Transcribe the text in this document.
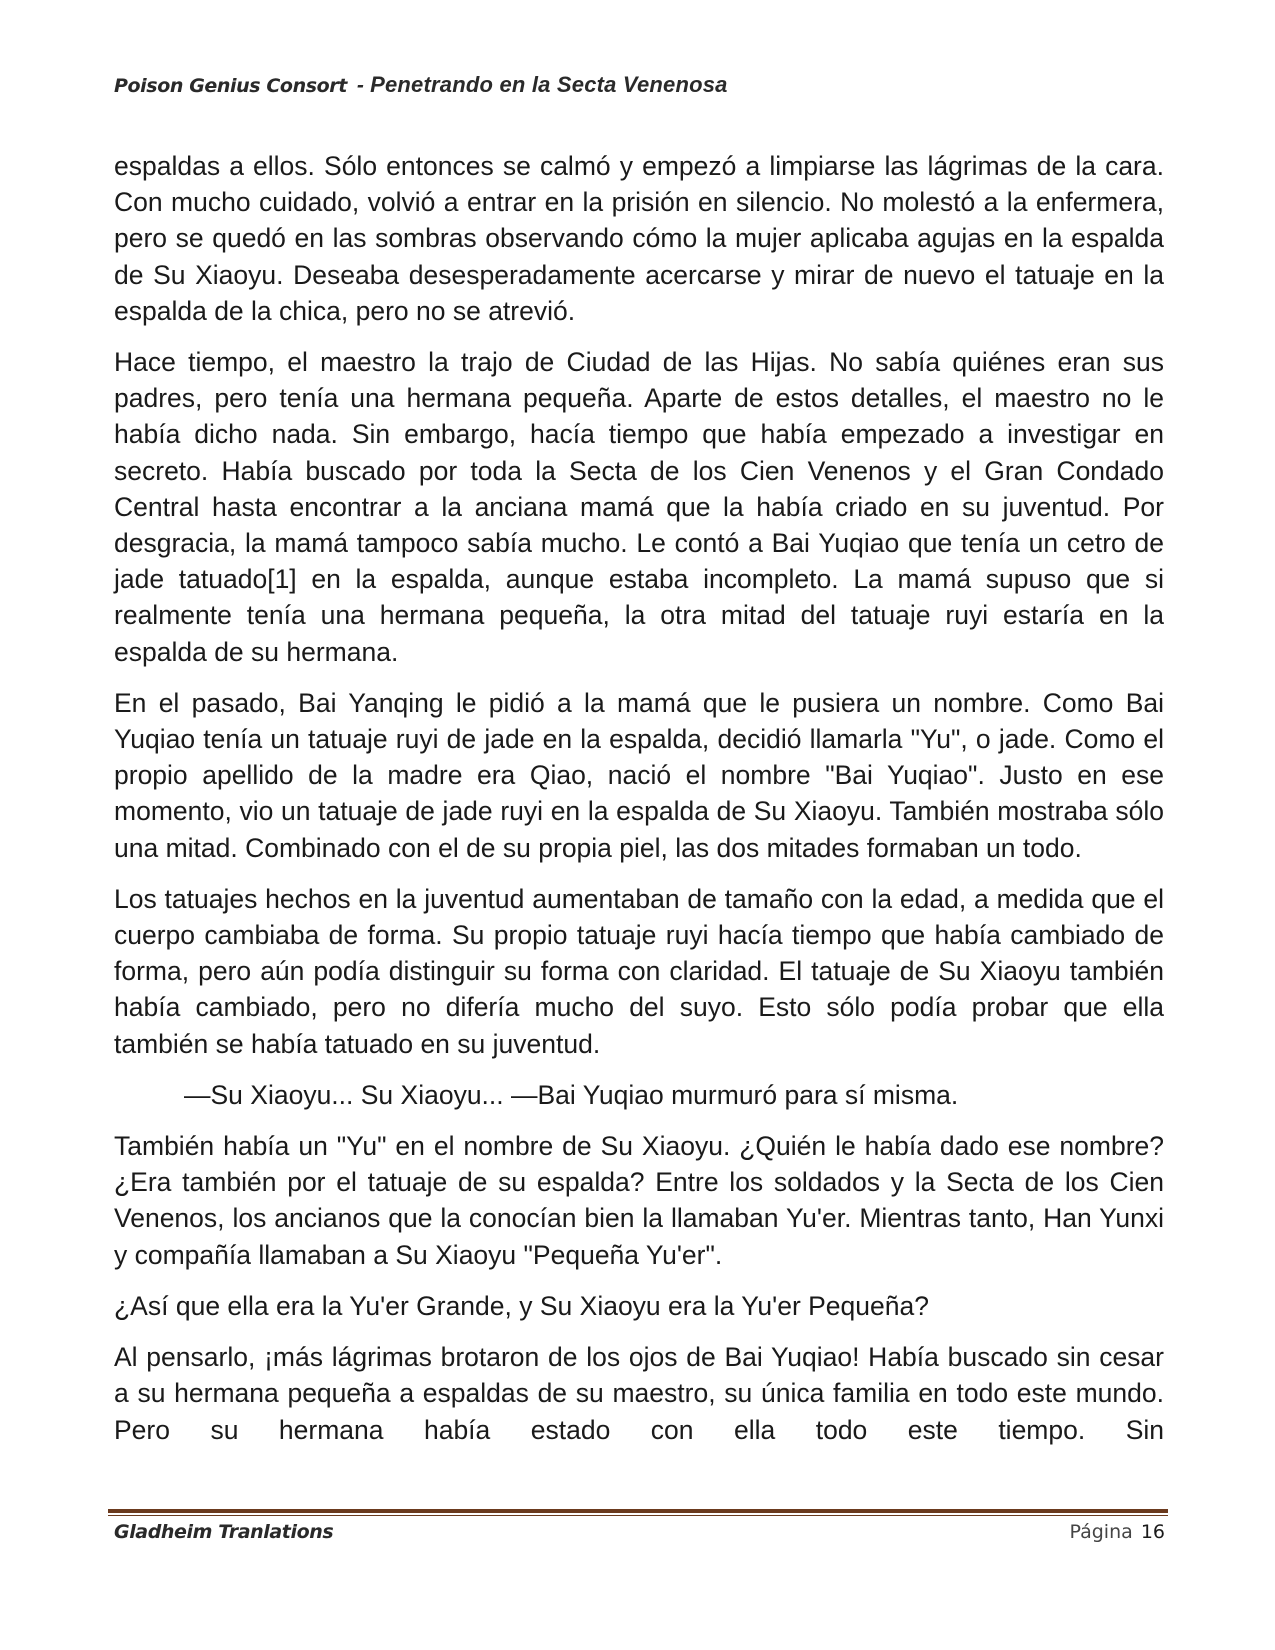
Poison Genius Consort - Penetrando en la Secta Venenosa

espaldas a ellos. Sólo entonces se calmó y empezó a limpiarse las lágrimas de la cara. Con mucho cuidado, volvió a entrar en la prisión en silencio. No molestó a la enfermera, pero se quedó en las sombras observando cómo la mujer aplicaba agujas en la espalda de Su Xiaoyu. Deseaba desesperadamente acercarse y mirar de nuevo el tatuaje en la espalda de la chica, pero no se atrevió.

Hace tiempo, el maestro la trajo de Ciudad de las Hijas. No sabía quiénes eran sus padres, pero tenía una hermana pequeña. Aparte de estos detalles, el maestro no le había dicho nada. Sin embargo, hacía tiempo que había empezado a investigar en secreto. Había buscado por toda la Secta de los Cien Venenos y el Gran Condado Central hasta encontrar a la anciana mamá que la había criado en su juventud. Por desgracia, la mamá tampoco sabía mucho. Le contó a Bai Yuqiao que tenía un cetro de jade tatuado[1] en la espalda, aunque estaba incompleto. La mamá supuso que si realmente tenía una hermana pequeña, la otra mitad del tatuaje ruyi estaría en la espalda de su hermana.

En el pasado, Bai Yanqing le pidió a la mamá que le pusiera un nombre. Como Bai Yuqiao tenía un tatuaje ruyi de jade en la espalda, decidió llamarla "Yu", o jade. Como el propio apellido de la madre era Qiao, nació el nombre "Bai Yuqiao". Justo en ese momento, vio un tatuaje de jade ruyi en la espalda de Su Xiaoyu. También mostraba sólo una mitad. Combinado con el de su propia piel, las dos mitades formaban un todo.

Los tatuajes hechos en la juventud aumentaban de tamaño con la edad, a medida que el cuerpo cambiaba de forma. Su propio tatuaje ruyi hacía tiempo que había cambiado de forma, pero aún podía distinguir su forma con claridad. El tatuaje de Su Xiaoyu también había cambiado, pero no difería mucho del suyo. Esto sólo podía probar que ella también se había tatuado en su juventud.

—Su Xiaoyu... Su Xiaoyu... —Bai Yuqiao murmuró para sí misma.

También había un "Yu" en el nombre de Su Xiaoyu. ¿Quién le había dado ese nombre? ¿Era también por el tatuaje de su espalda? Entre los soldados y la Secta de los Cien Venenos, los ancianos que la conocían bien la llamaban Yu'er. Mientras tanto, Han Yunxi y compañía llamaban a Su Xiaoyu "Pequeña Yu'er".

¿Así que ella era la Yu'er Grande, y Su Xiaoyu era la Yu'er Pequeña?

Al pensarlo, ¡más lágrimas brotaron de los ojos de Bai Yuqiao! Había buscado sin cesar a su hermana pequeña a espaldas de su maestro, su única familia en todo este mundo. Pero su hermana había estado con ella todo este tiempo. Sin

Gladheim Tranlations	Página 16
